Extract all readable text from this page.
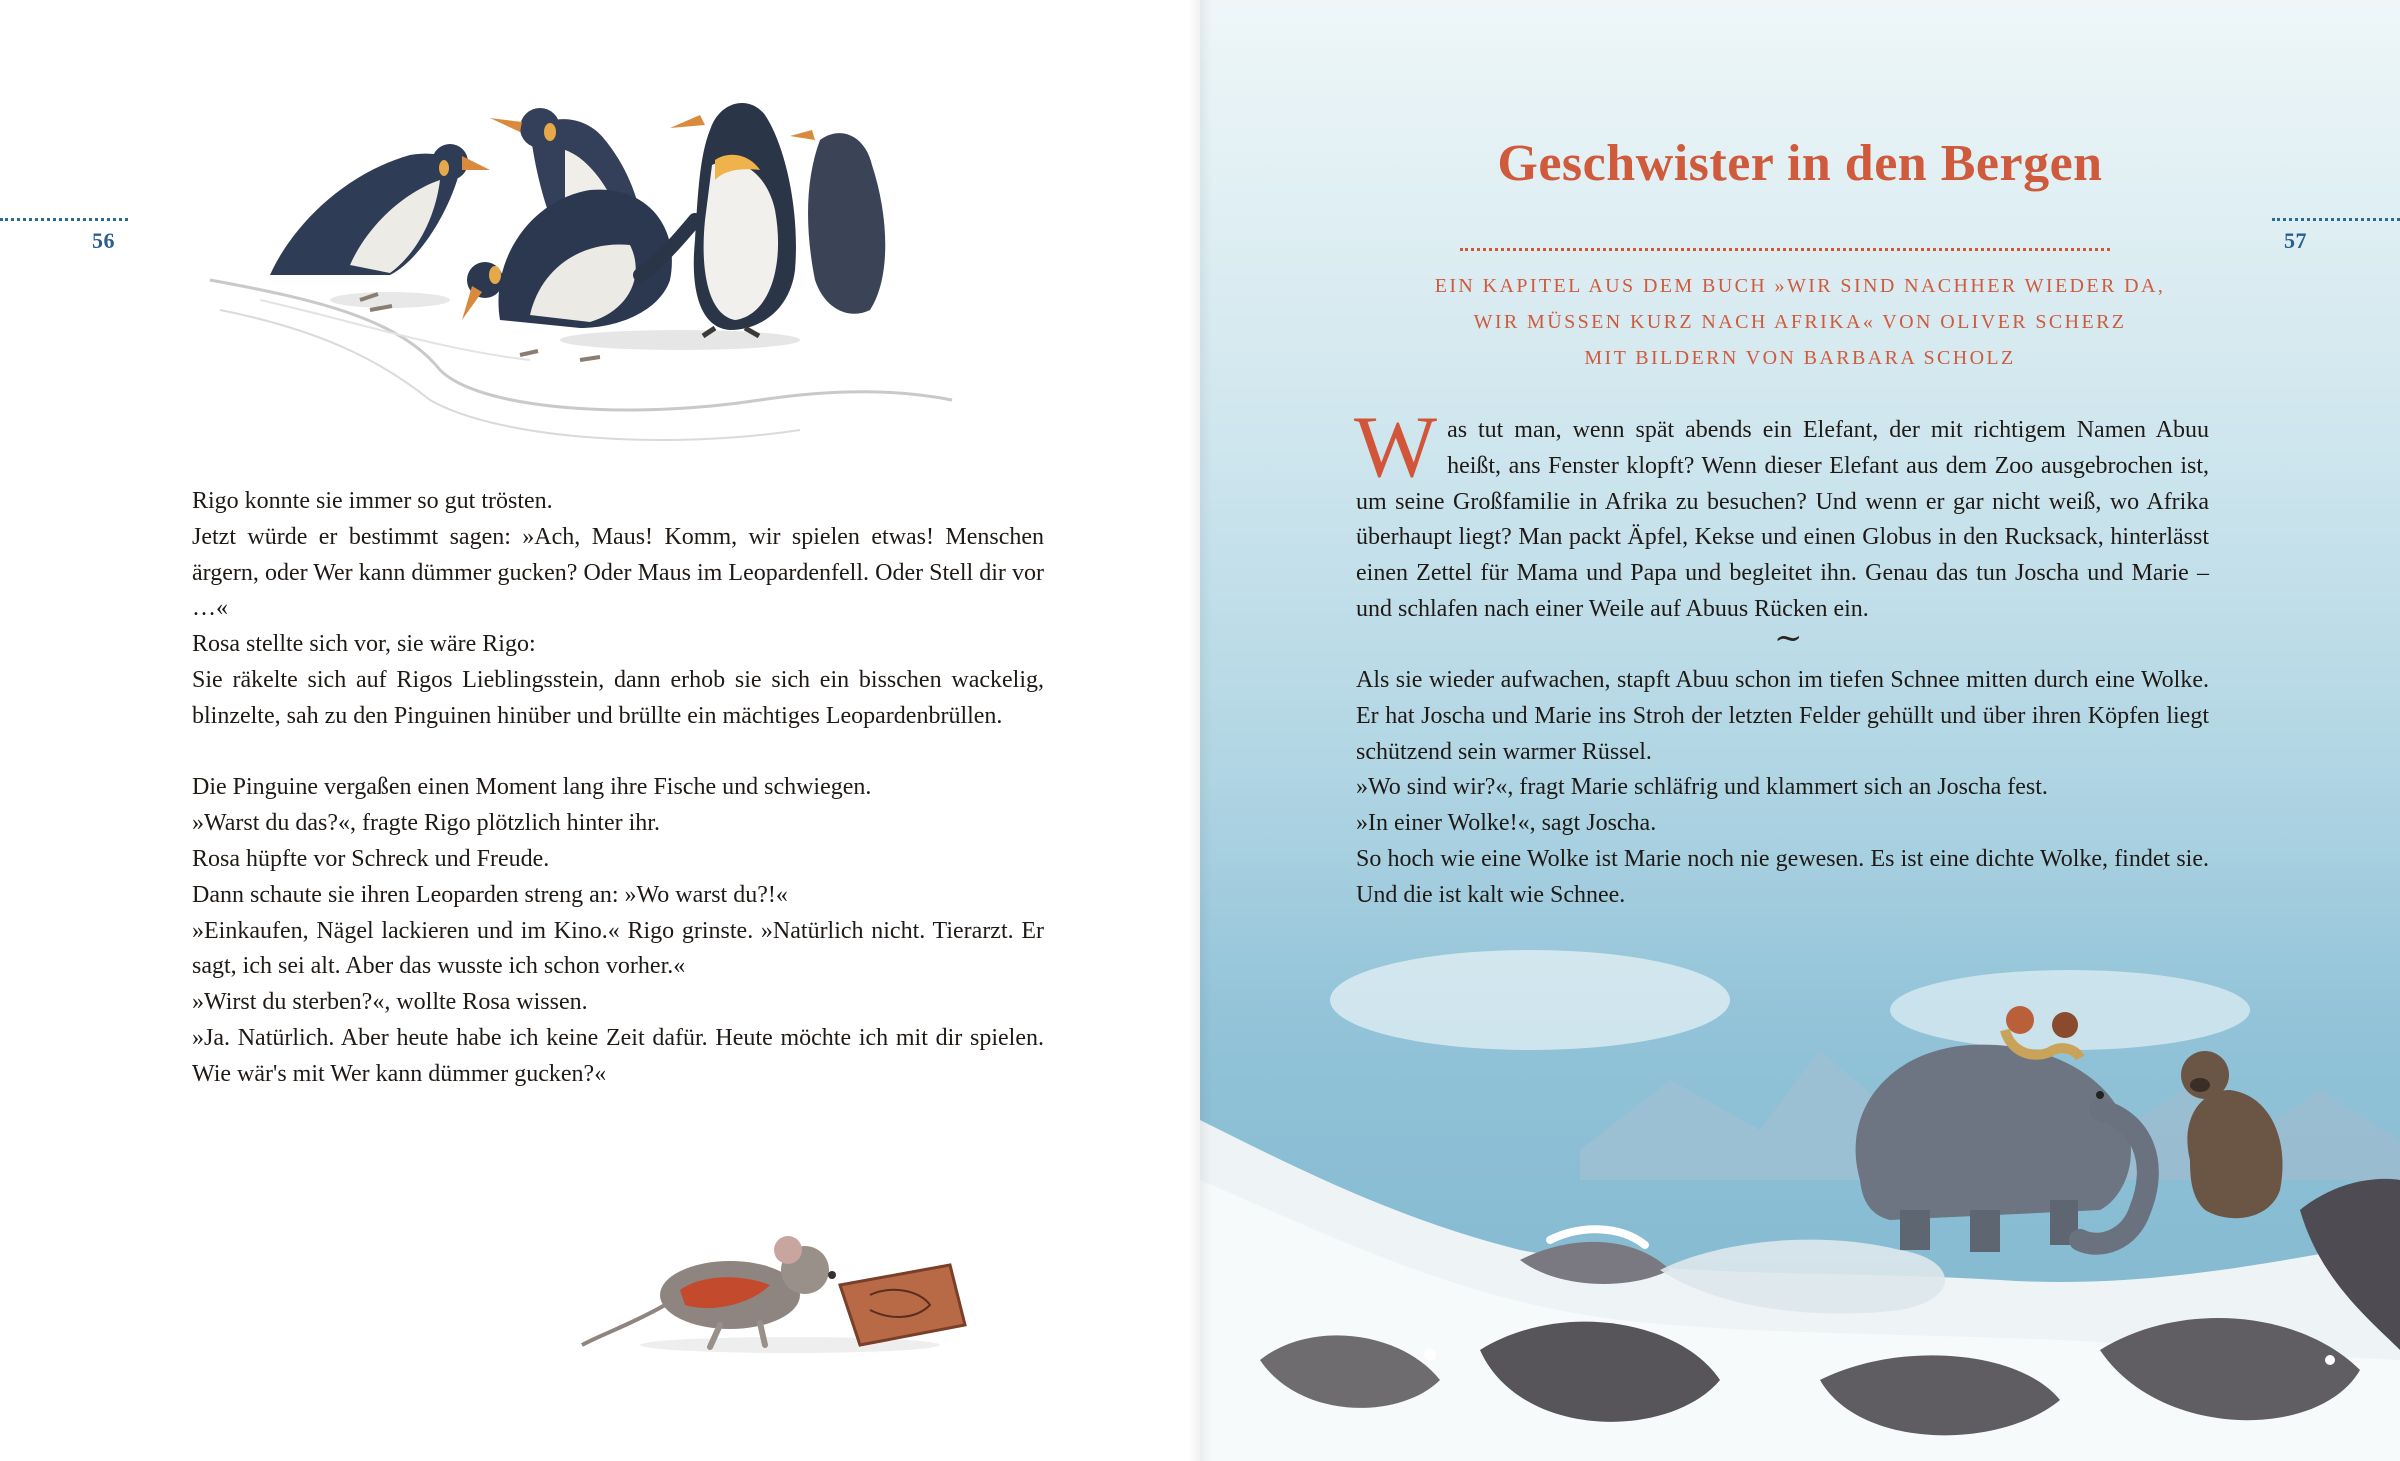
56

Rigo konnte sie immer so gut trösten.

Jetzt würde er bestimmt sagen: »Ach, Maus! Komm, wir spielen etwas! Menschen ärgern, oder Wer kann dümmer gucken? Oder Maus im Leopardenfell. Oder Stell dir vor …«

Rosa stellte sich vor, sie wäre Rigo:

Sie räkelte sich auf Rigos Lieblingsstein, dann erhob sie sich ein bisschen wackelig, blinzelte, sah zu den Pinguinen hinüber und brüllte ein mächtiges Leopardenbrüllen.

Die Pinguine vergaßen einen Moment lang ihre Fische und schwiegen.

»Warst du das?«, fragte Rigo plötzlich hinter ihr.

Rosa hüpfte vor Schreck und Freude.

Dann schaute sie ihren Leoparden streng an: »Wo warst du?!«

»Einkaufen, Nägel lackieren und im Kino.« Rigo grinste. »Natürlich nicht. Tierarzt. Er sagt, ich sei alt. Aber das wusste ich schon vorher.«

»Wirst du sterben?«, wollte Rosa wissen.

»Ja. Natürlich. Aber heute habe ich keine Zeit dafür. Heute möchte ich mit dir spielen. Wie wär's mit Wer kann dümmer gucken?«

57
Geschwister in den Bergen
EIN KAPITEL AUS DEM BUCH »WIR SIND NACHHER WIEDER DA,
WIR MÜSSEN KURZ NACH AFRIKA« VON OLIVER SCHERZ
MIT BILDERN VON BARBARA SCHOLZ
Was tut man, wenn spät abends ein Elefant, der mit richtigem Namen Abuu heißt, ans Fenster klopft? Wenn dieser Elefant aus dem Zoo ausgebrochen ist, um seine Großfamilie in Afrika zu besuchen? Und wenn er gar nicht weiß, wo Afrika überhaupt liegt? Man packt Äpfel, Kekse und einen Globus in den Rucksack, hinterlässt einen Zettel für Mama und Papa und begleitet ihn. Genau das tun Joscha und Marie – und schlafen nach einer Weile auf Abuus Rücken ein.
~

Als sie wieder aufwachen, stapft Abuu schon im tiefen Schnee mitten durch eine Wolke. Er hat Joscha und Marie ins Stroh der letzten Felder gehüllt und über ihren Köpfen liegt schützend sein warmer Rüssel.

»Wo sind wir?«, fragt Marie schläfrig und klammert sich an Joscha fest.

»In einer Wolke!«, sagt Joscha.

So hoch wie eine Wolke ist Marie noch nie gewesen. Es ist eine dichte Wolke, findet sie. Und die ist kalt wie Schnee.
